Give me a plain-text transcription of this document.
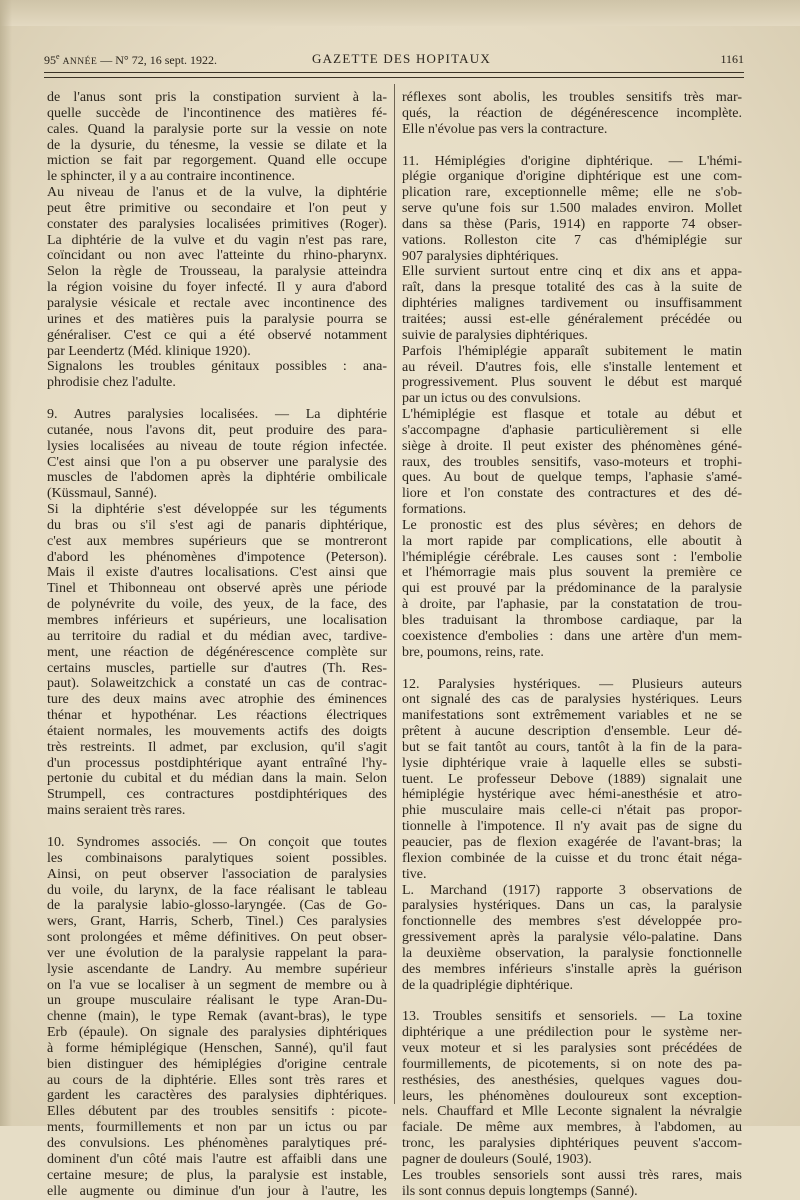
95e ANNÉE — N° 72, 16 sept. 1922.	GAZETTE DES HOPITAUX	1161
de l'anus sont pris la constipation survient à la-
quelle succède de l'incontinence des matières fé-
cales. Quand la paralysie porte sur la vessie on note
de la dysurie, du ténesme, la vessie se dilate et la
miction se fait par regorgement. Quand elle occupe
le sphincter, il y a au contraire incontinence.
Au niveau de l'anus et de la vulve, la diphtérie
peut être primitive ou secondaire et l'on peut y
constater des paralysies localisées primitives (Roger).
La diphtérie de la vulve et du vagin n'est pas rare,
coïncidant ou non avec l'atteinte du rhino-pharynx.
Selon la règle de Trousseau, la paralysie atteindra
la région voisine du foyer infecté. Il y aura d'abord
paralysie vésicale et rectale avec incontinence des
urines et des matières puis la paralysie pourra se
généraliser. C'est ce qui a été observé notamment
par Leendertz (Méd. klinique 1920).
Signalons les troubles génitaux possibles : ana-
phrodisie chez l'adulte.
9. Autres paralysies localisées. — La diphtérie
cutanée, nous l'avons dit, peut produire des para-
lysies localisées au niveau de toute région infectée.
C'est ainsi que l'on a pu observer une paralysie des
muscles de l'abdomen après la diphtérie ombilicale
(Küssmaul, Sanné).
Si la diphtérie s'est développée sur les téguments
du bras ou s'il s'est agi de panaris diphtérique,
c'est aux membres supérieurs que se montreront
d'abord les phénomènes d'impotence (Peterson).
Mais il existe d'autres localisations. C'est ainsi que
Tinel et Thibonneau ont observé après une période
de polynévrite du voile, des yeux, de la face, des
membres inférieurs et supérieurs, une localisation
au territoire du radial et du médian avec, tardive-
ment, une réaction de dégénérescence complète sur
certains muscles, partielle sur d'autres (Th. Res-
paut). Solaweitzchick a constaté un cas de contrac-
ture des deux mains avec atrophie des éminences
thénar et hypothénar. Les réactions électriques
étaient normales, les mouvements actifs des doigts
très restreints. Il admet, par exclusion, qu'il s'agit
d'un processus postdiphtérique ayant entraîné l'hy-
pertonie du cubital et du médian dans la main. Selon
Strumpell, ces contractures postdiphtériques des
mains seraient très rares.
10. Syndromes associés. — On conçoit que toutes
les combinaisons paralytiques soient possibles.
Ainsi, on peut observer l'association de paralysies
du voile, du larynx, de la face réalisant le tableau
de la paralysie labio-glosso-laryngée. (Cas de Go-
wers, Grant, Harris, Scherb, Tinel.) Ces paralysies
sont prolongées et même définitives. On peut obser-
ver une évolution de la paralysie rappelant la para-
lysie ascendante de Landry. Au membre supérieur
on l'a vue se localiser à un segment de membre ou à
un groupe musculaire réalisant le type Aran-Du-
chenne (main), le type Remak (avant-bras), le type
Erb (épaule). On signale des paralysies diphtériques
à forme hémiplégique (Henschen, Sanné), qu'il faut
bien distinguer des hémiplégies d'origine centrale
au cours de la diphtérie. Elles sont très rares et
gardent les caractères des paralysies diphtériques.
Elles débutent par des troubles sensitifs : picote-
ments, fourmillements et non par un ictus ou par
des convulsions. Les phénomènes paralytiques pré-
dominent d'un côté mais l'autre est affaibli dans une
certaine mesure; de plus, la paralysie est instable,
elle augmente ou diminue d'un jour à l'autre, les
réflexes sont abolis, les troubles sensitifs très mar-
qués, la réaction de dégénérescence incomplète.
Elle n'évolue pas vers la contracture.
11. Hémiplégies d'origine diphtérique. — L'hémi-
plégie organique d'origine diphtérique est une com-
plication rare, exceptionnelle même; elle ne s'ob-
serve qu'une fois sur 1.500 malades environ. Mollet
dans sa thèse (Paris, 1914) en rapporte 74 obser-
vations. Rolleston cite 7 cas d'hémiplégie sur
907 paralysies diphtériques.
Elle survient surtout entre cinq et dix ans et appa-
raît, dans la presque totalité des cas à la suite de
diphtéries malignes tardivement ou insuffisamment
traitées; aussi est-elle généralement précédée ou
suivie de paralysies diphtériques.
Parfois l'hémiplégie apparaît subitement le matin
au réveil. D'autres fois, elle s'installe lentement et
progressivement. Plus souvent le début est marqué
par un ictus ou des convulsions.
L'hémiplégie est flasque et totale au début et
s'accompagne d'aphasie particulièrement si elle
siège à droite. Il peut exister des phénomènes géné-
raux, des troubles sensitifs, vaso-moteurs et trophi-
ques. Au bout de quelque temps, l'aphasie s'amé-
liore et l'on constate des contractures et des dé-
formations.
Le pronostic est des plus sévères; en dehors de
la mort rapide par complications, elle aboutit à
l'hémiplégie cérébrale. Les causes sont : l'embolie
et l'hémorragie mais plus souvent la première ce
qui est prouvé par la prédominance de la paralysie
à droite, par l'aphasie, par la constatation de trou-
bles traduisant la thrombose cardiaque, par la
coexistence d'embolies : dans une artère d'un mem-
bre, poumons, reins, rate.
12. Paralysies hystériques. — Plusieurs auteurs
ont signalé des cas de paralysies hystériques. Leurs
manifestations sont extrêmement variables et ne se
prêtent à aucune description d'ensemble. Leur dé-
but se fait tantôt au cours, tantôt à la fin de la para-
lysie diphtérique vraie à laquelle elles se substi-
tuent. Le professeur Debove (1889) signalait une
hémiplégie hystérique avec hémi-anesthésie et atro-
phie musculaire mais celle-ci n'était pas propor-
tionnelle à l'impotence. Il n'y avait pas de signe du
peaucier, pas de flexion exagérée de l'avant-bras; la
flexion combinée de la cuisse et du tronc était néga-
tive.
L. Marchand (1917) rapporte 3 observations de
paralysies hystériques. Dans un cas, la paralysie
fonctionnelle des membres s'est développée pro-
gressivement après la paralysie vélo-palatine. Dans
la deuxième observation, la paralysie fonctionnelle
des membres inférieurs s'installe après la guérison
de la quadriplégie diphtérique.
13. Troubles sensitifs et sensoriels. — La toxine
diphtérique a une prédilection pour le système ner-
veux moteur et si les paralysies sont précédées de
fourmillements, de picotements, si on note des pa-
resthésies, des anesthésies, quelques vagues dou-
leurs, les phénomènes douloureux sont exception-
nels. Chauffard et Mlle Leconte signalent la névralgie
faciale. De même aux membres, à l'abdomen, au
tronc, les paralysies diphtériques peuvent s'accom-
pagner de douleurs (Soulé, 1903).
Les troubles sensoriels sont aussi très rares, mais
ils sont connus depuis longtemps (Sanné).
